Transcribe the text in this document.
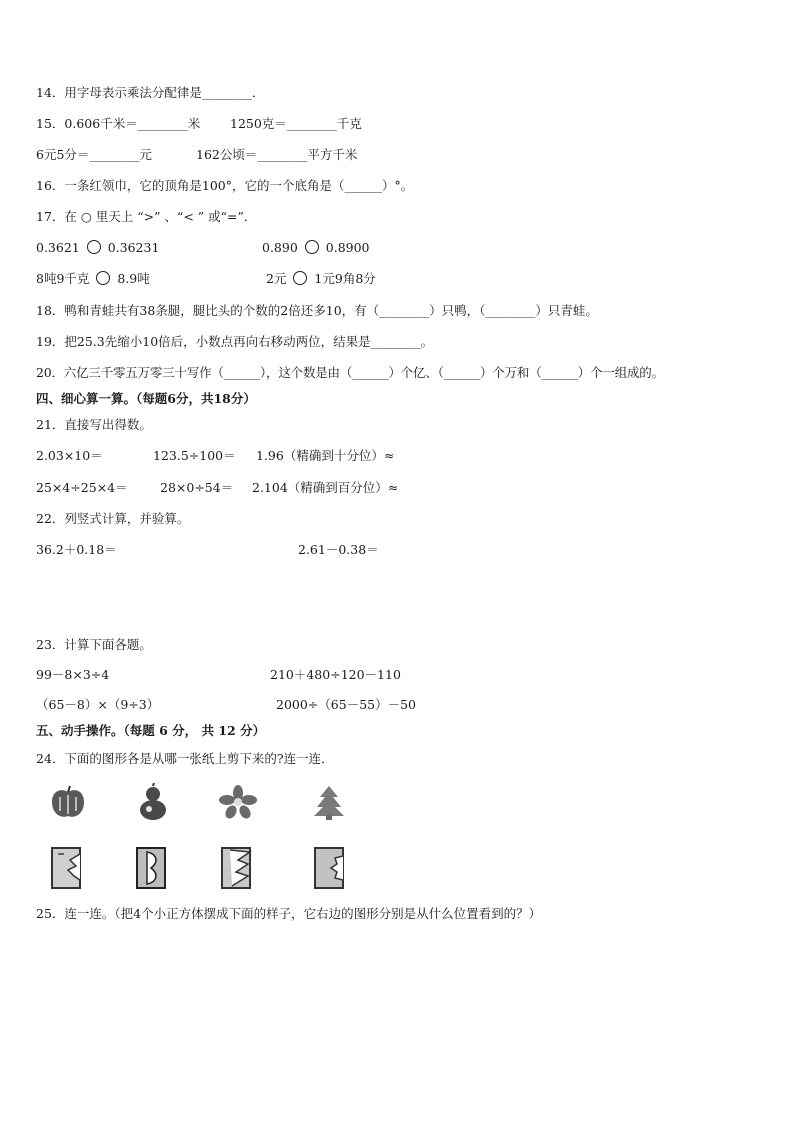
14．用字母表示乘法分配律是________．
15．0.606千米＝________米 1250克＝________千克
6元5分＝________元	162公顷＝________平方千米
16．一条红领巾，它的顶角是100°，它的一个底角是（______）°。
17．在 ○ 里天上 “>” 、“< ” 或“=”．
0.3621 0.36231	0.890 0.8900
8吨9千克 8.9吨	2元 1元9角8分
18．鸭和青蛙共有38条腿，腿比头的个数的2倍还多10，有（________）只鸭，（________）只青蛙。
19．把25.3先缩小10倍后，小数点再向右移动两位，结果是________。
20．六亿三千零五万零三十写作（______），这个数是由（______）个亿、（______）个万和（______）个一组成的。
四、细心算一算。（每题6分，共18分）
21．直接写出得数。
2.03×10＝	123.5÷100＝ 1.96（精确到十分位）≈
25×4÷25×4＝	28×0÷54＝ 2.104（精确到百分位）≈
22．列竖式计算，并验算。
36.2＋0.18＝	2.61－0.38＝
23．计算下面各题。
99－8×3÷4	210＋480÷120－110
（65－8）×（9÷3）	2000÷（65－55）－50
五、动手操作。（每题 6 分， 共 12 分）
24．下面的图形各是从哪一张纸上剪下来的?连一连．
25．连一连。（把4个小正方体摆成下面的样子，它右边的图形分别是从什么位置看到的？）
